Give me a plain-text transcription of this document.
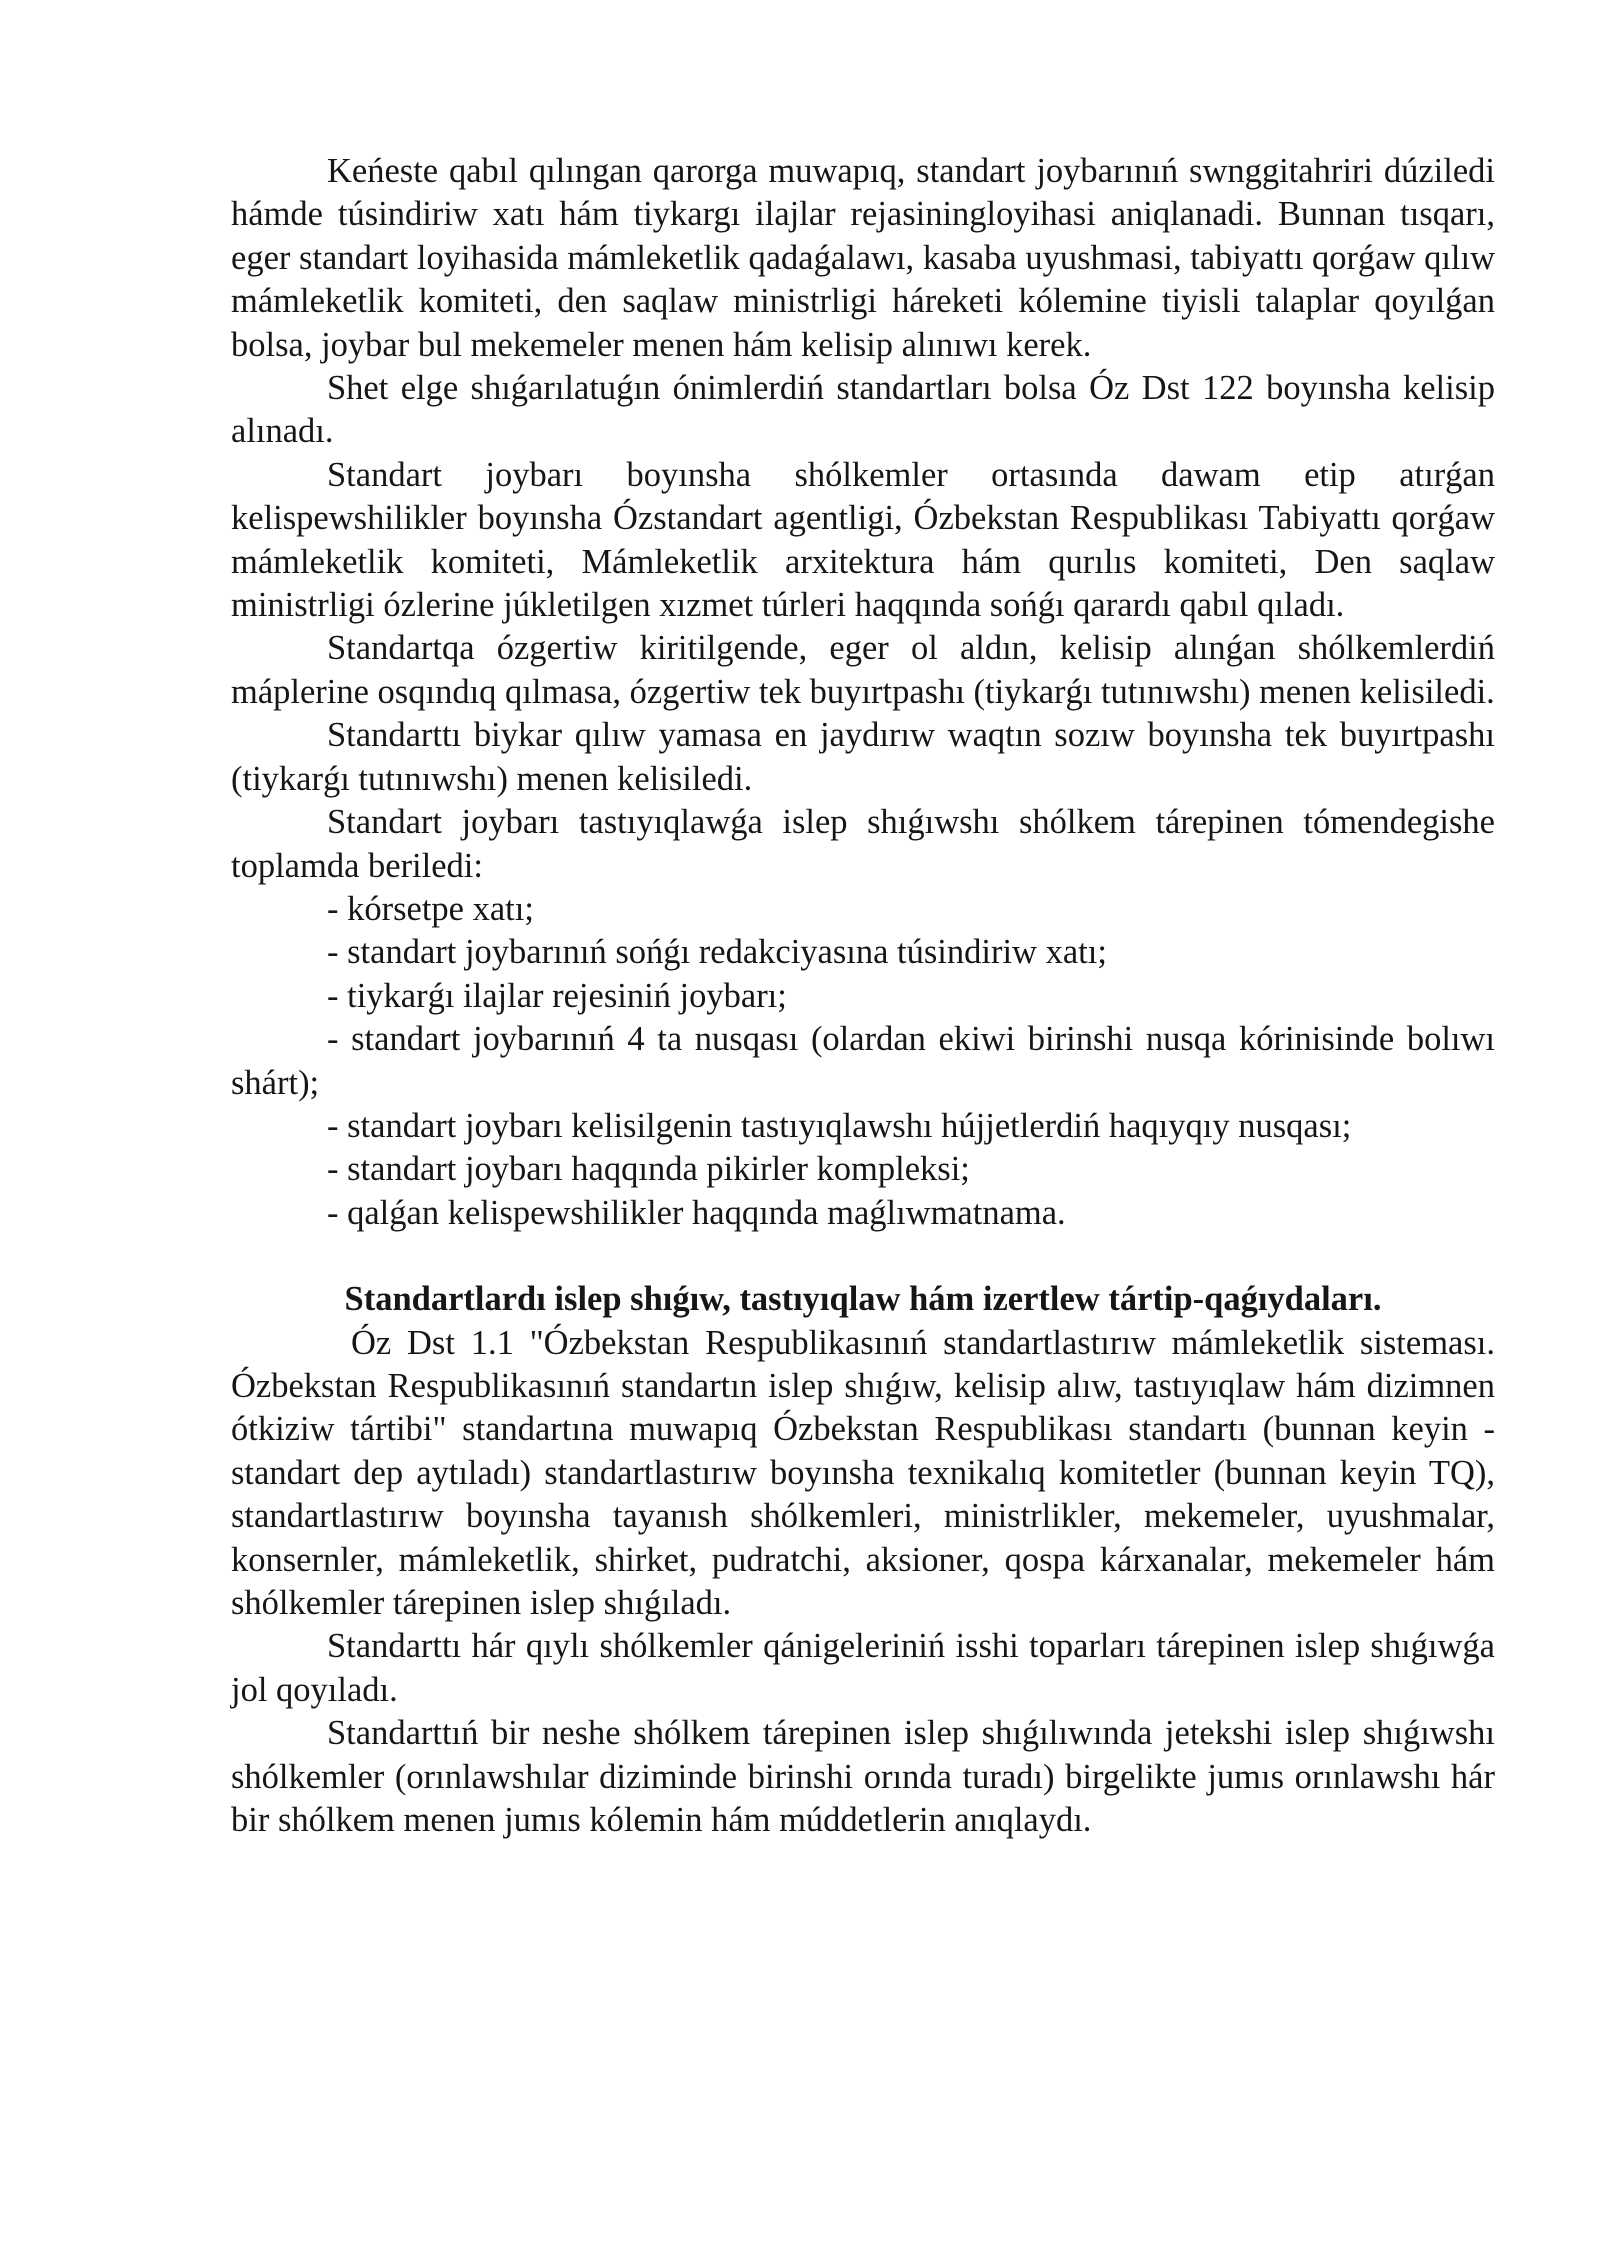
Keńeste qabıl qılıngan qarorga muwapıq, standart joybarınıń swnggitahriri dúziledi hámde túsindiriw xatı hám tiykargı ilajlar rejasiningloyihasi aniqlanadi. Bunnan tısqarı, eger standart loyihasida mámleketlik qadaǵalawı, kasaba uyushmasi, tabiyattı qorǵaw qılıw mámleketlik komiteti, den saqlaw ministrligi háreketi kólemine tiyisli talaplar qoyılǵan bolsa, joybar bul mekemeler menen hám kelisip alınıwı kerek.

Shet elge shıǵarılatuǵın ónimlerdiń standartları bolsa Óz Dst 122 boyınsha kelisip alınadı.

Standart joybarı boyınsha shólkemler ortasında dawam etip atırǵan kelispewshilikler boyınsha Ózstandart agentligi, Ózbekstan Respublikası Tabiyattı qorǵaw mámleketlik komiteti, Mámleketlik arxitektura hám qurılıs komiteti, Den saqlaw ministrligi ózlerine júkletilgen xızmet túrleri haqqında sońǵı qarardı qabıl qıladı.

Standartqa ózgertiw kiritilgende, eger ol aldın, kelisip alınǵan shólkemlerdiń máplerine osqındıq qılmasa, ózgertiw tek buyırtpashı (tiykarǵı tutınıwshı) menen kelisiledi.

Standarttı biykar qılıw yamasa en jaydırıw waqtın sozıw boyınsha tek buyırtpashı (tiykarǵı tutınıwshı) menen kelisiledi.

Standart joybarı tastıyıqlawǵa islep shıǵıwshı shólkem tárepinen tómendegishe toplamda beriledi:

- kórsetpe xatı;
- standart joybarınıń sońǵı redakciyasına túsindiriw xatı;
- tiykarǵı ilajlar rejesiniń joybarı;
- standart joybarınıń 4 ta nusqası (olardan ekiwi birinshi nusqa kórinisinde bolıwı shárt);
- standart joybarı kelisilgenin tastıyıqlawshı hújjetlerdiń haqıyqıy nusqası;
- standart joybarı haqqında pikirler kompleksi;
- qalǵan kelispewshilikler haqqında maǵlıwmatnama.
Standartlardı islep shıǵıw, tastıyıqlaw hám izertlew tártip-qaǵıydaları.

Óz Dst 1.1 "Ózbekstan Respublikasınıń standartlastırıw mámleketlik sisteması. Ózbekstan Respublikasınıń standartın islep shıǵıw, kelisip alıw, tastıyıqlaw hám dizimnen ótkiziw tártibi" standartına muwapıq Ózbekstan Respublikası standartı (bunnan keyin - standart dep aytıladı) standartlastırıw boyınsha texnikalıq komitetler (bunnan keyin TQ), standartlastırıw boyınsha tayanısh shólkemleri, ministrlikler, mekemeler, uyushmalar, konsernler, mámleketlik, shirket, pudratchi, aksioner, qospa kárxanalar, mekemeler hám shólkemler tárepinen islep shıǵıladı.

Standarttı hár qıylı shólkemler qánigeleriniń isshi toparları tárepinen islep shıǵıwǵa jol qoyıladı.

Standarttıń bir neshe shólkem tárepinen islep shıǵılıwında jetekshi islep shıǵıwshı shólkemler (orınlawshılar diziminde birinshi orında turadı) birgelikte jumıs orınlawshı hár bir shólkem menen jumıs kólemin hám múddetlerin anıqlaydı.
